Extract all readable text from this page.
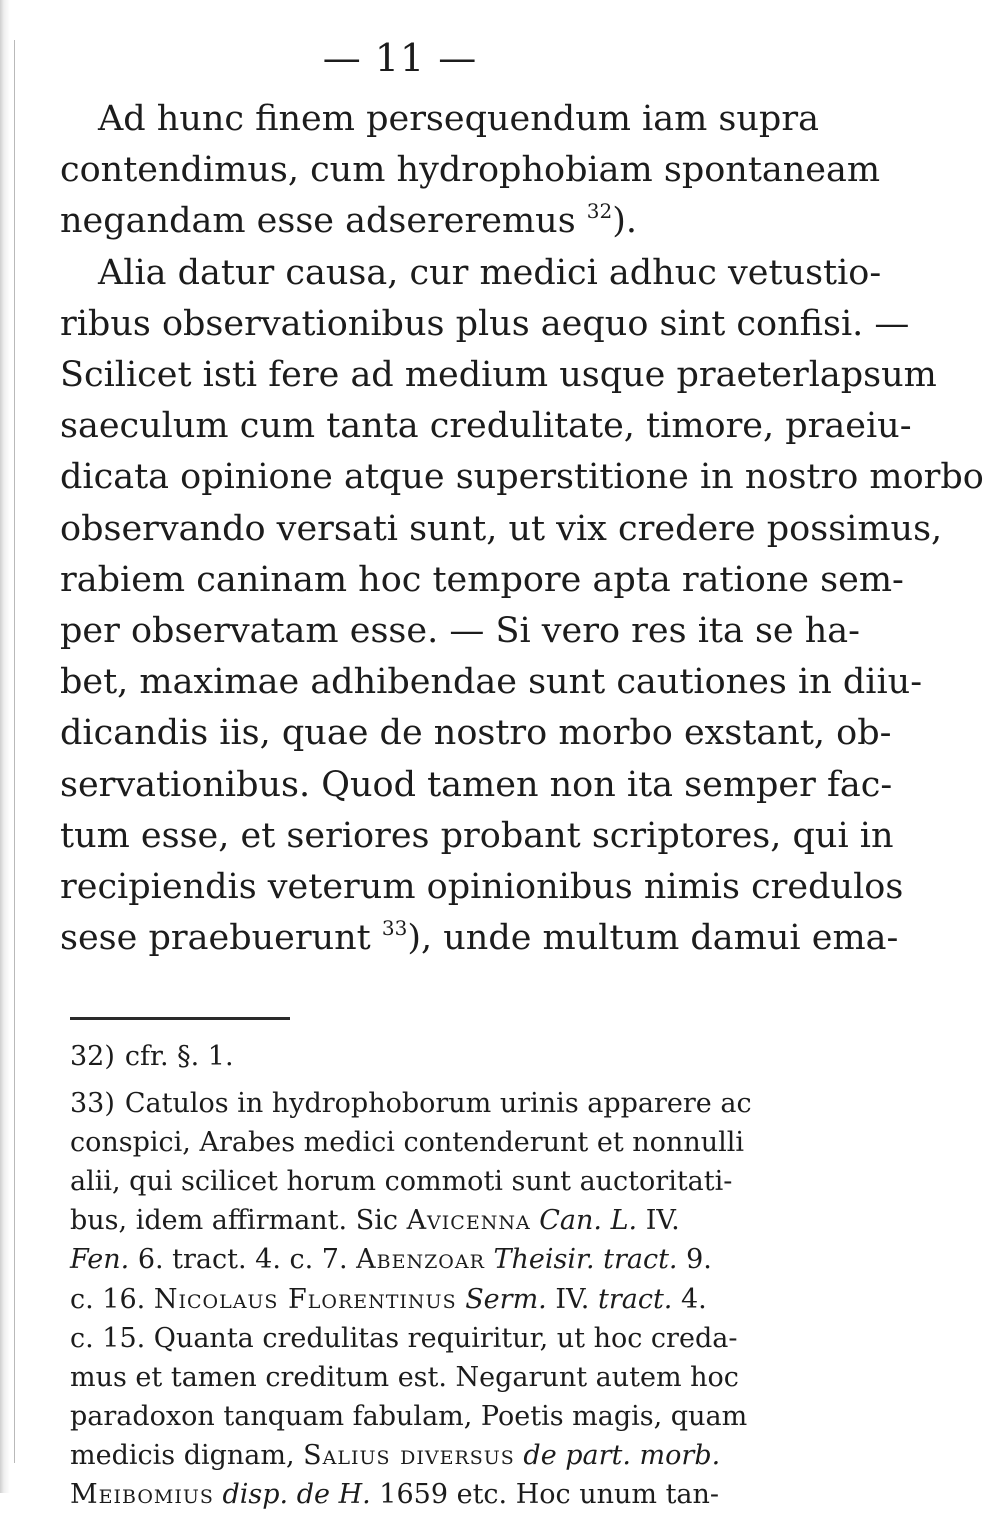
— 11 —
Ad hunc finem persequendum iam supra
contendimus, cum hydrophobiam spontaneam
negandam esse adsereremus $^{32}$).
Alia datur causa, cur medici adhuc vetustio-
ribus observationibus plus aequo sint confisi. —
Scilicet isti fere ad medium usque praeterlapsum
saeculum cum tanta credulitate, timore, praeiu-
dicata opinione atque superstitione in nostro morbo
observando versati sunt, ut vix credere possimus,
rabiem caninam hoc tempore apta ratione sem-
per observatam esse. — Si vero res ita se ha-
bet, maximae adhibendae sunt cautiones in diiu-
dicandis iis, quae de nostro morbo exstant, ob-
servationibus. Quod tamen non ita semper fac-
tum esse, et seriores probant scriptores, qui in
recipiendis veterum opinionibus nimis credulos
sese praebuerunt $^{33}$), unde multum damui ema-
32) cfr. §. 1.
33) Catulos in hydrophoborum urinis apparere ac
conspici, Arabes medici contenderunt et nonnulli
alii, qui scilicet horum commoti sunt auctoritati-
bus, idem affirmant. Sic Avicenna Can. L. IV.
Fen. 6. tract. 4. c. 7. Abenzoar Theisir. tract. 9.
c. 16. Nicolaus Florentinus Serm. IV. tract. 4.
c. 15. Quanta credulitas requiritur, ut hoc creda-
mus et tamen creditum est. Negarunt autem hoc
paradoxon tanquam fabulam, Poetis magis, quam
medicis dignam, Salius diversus de part. morb.
Meibomius disp. de H. 1659 etc. Hoc unum tan-
